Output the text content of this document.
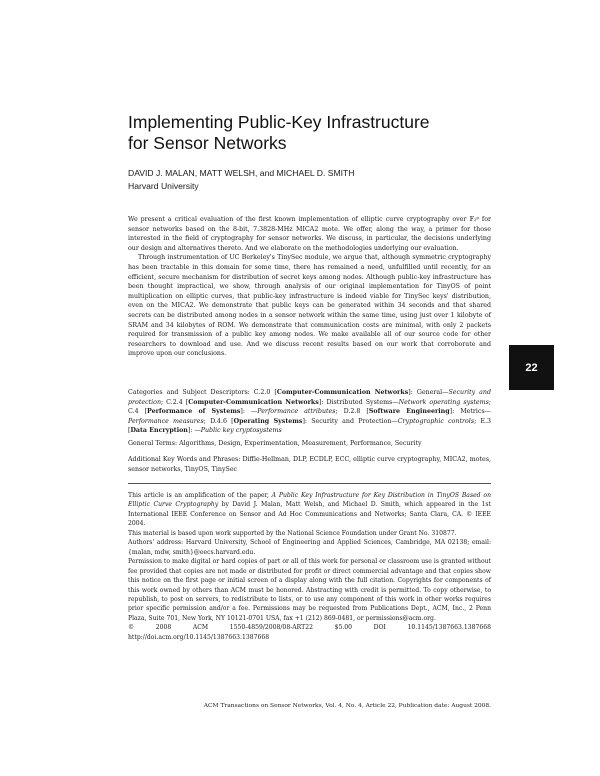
Implementing Public-Key Infrastructure
for Sensor Networks
DAVID J. MALAN, MATT WELSH, and MICHAEL D. SMITH
Harvard University

We present a critical evaluation of the first known implementation of elliptic curve cryptography over 𝔽₂ᵖ for sensor networks based on the 8-bit, 7.3828-MHz MICA2 mote. We offer, along the way, a primer for those interested in the field of cryptography for sensor networks. We discuss, in particular, the decisions underlying our design and alternatives thereto. And we elaborate on the methodologies underlying our evaluation.

Through instrumentation of UC Berkeley's TinySec module, we argue that, although symmetric cryptography has been tractable in this domain for some time, there has remained a need, unfulfilled until recently, for an efficient, secure mechanism for distribution of secret keys among nodes. Although public-key infrastructure has been thought impractical, we show, through analysis of our original implementation for TinyOS of point multiplication on elliptic curves, that public-key infrastructure is indeed viable for TinySec keys' distribution, even on the MICA2. We demonstrate that public keys can be generated within 34 seconds and that shared secrets can be distributed among nodes in a sensor network within the same time, using just over 1 kilobyte of SRAM and 34 kilobytes of ROM. We demonstrate that communication costs are minimal, with only 2 packets required for transmission of a public key among nodes. We make available all of our source code for other researchers to download and use. And we discuss recent results based on our work that corroborate and improve upon our conclusions.

Categories and Subject Descriptors: C.2.0 [Computer-Communication Networks]: General—Security and protection; C.2.4 [Computer-Communication Networks]: Distributed Systems—Network operating systems; C.4 [Performance of Systems]: —Performance attributes; D.2.8 [Software Engineering]: Metrics—Performance measures; D.4.6 [Operating Systems]: Security and Protection—Cryptographic controls; E.3 [Data Encryption]: —Public key cryptosystems
General Terms: Algorithms, Design, Experimentation, Measurement, Performance, Security
Additional Key Words and Phrases: Diffie-Hellman, DLP, ECDLP, ECC, elliptic curve cryptography, MICA2, motes, sensor networks, TinyOS, TinySec

This article is an amplification of the paper, A Public Key Infrastructure for Key Distribution in TinyOS Based on Elliptic Curve Cryptography by David J. Malan, Matt Welsh, and Michael D. Smith, which appeared in the 1st International IEEE Conference on Sensor and Ad Hoc Communications and Networks; Santa Clara, CA. © IEEE 2004.

This material is based upon work supported by the National Science Foundation under Grant No. 310877.

Authors' address: Harvard University, School of Engineering and Applied Sciences, Cambridge, MA 02138; email: {malan, mdw, smith}@eecs.harvard.edu.

Permission to make digital or hard copies of part or all of this work for personal or classroom use is granted without fee provided that copies are not made or distributed for profit or direct commercial advantage and that copies show this notice on the first page or initial screen of a display along with the full citation. Copyrights for components of this work owned by others than ACM must be honored. Abstracting with credit is permitted. To copy otherwise, to republish, to post on servers, to redistribute to lists, or to use any component of this work in other works requires prior specific permission and/or a fee. Permissions may be requested from Publications Dept., ACM, Inc., 2 Penn Plaza, Suite 701, New York, NY 10121-0701 USA, fax +1 (212) 869-0481, or permissions@acm.org.

© 2008 ACM 1550-4859/2008/08-ART22 $5.00 DOI 10.1145/1387663.1387668 http://doi.acm.org/10.1145/1387663.1387668

ACM Transactions on Sensor Networks, Vol. 4, No. 4, Article 22, Publication date: August 2008.
22
